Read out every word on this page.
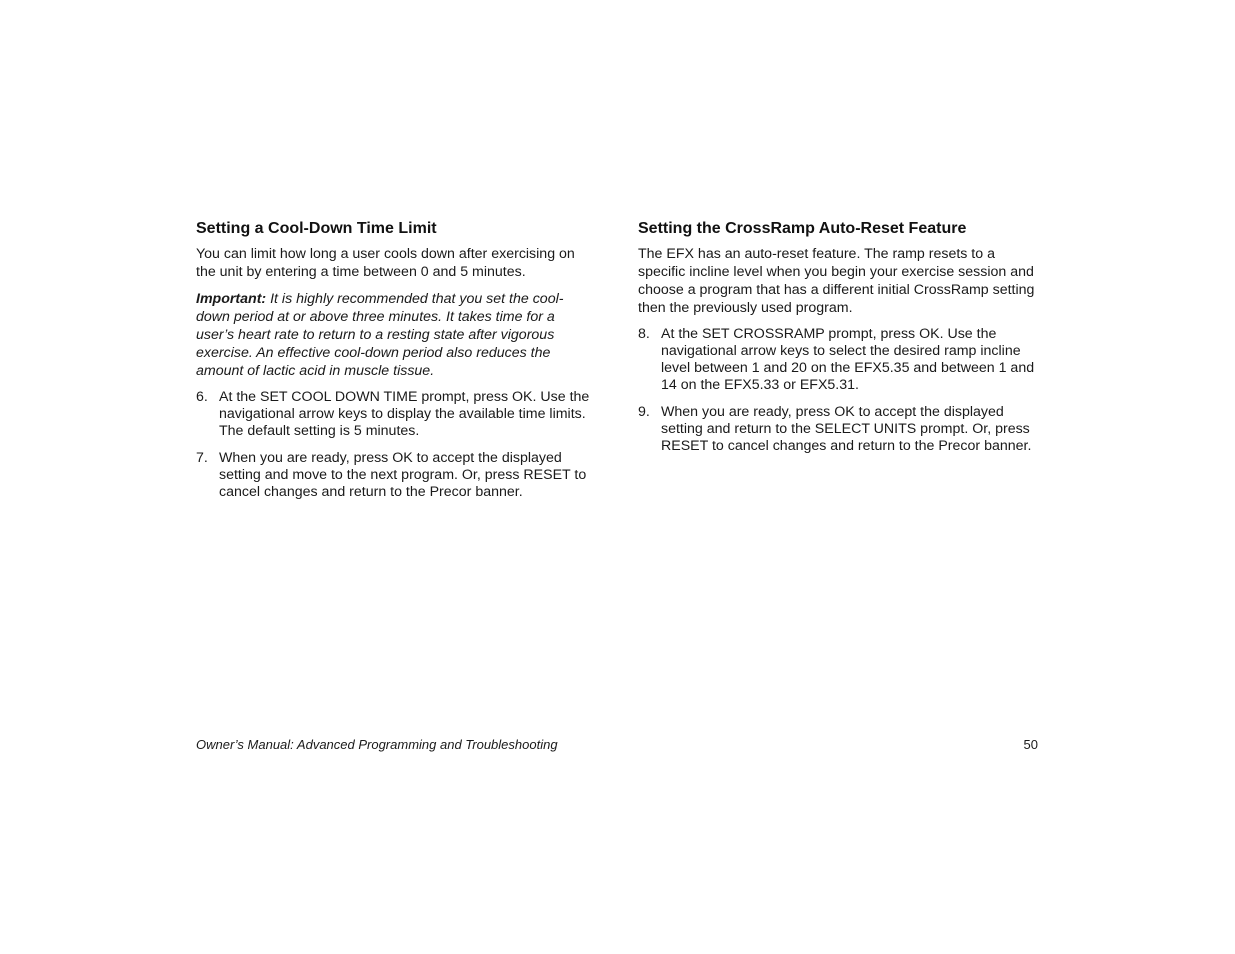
Setting a Cool-Down Time Limit

You can limit how long a user cools down after exercising on the unit by entering a time between 0 and 5 minutes.

Important: It is highly recommended that you set the cool-down period at or above three minutes. It takes time for a user’s heart rate to return to a resting state after vigorous exercise. An effective cool-down period also reduces the amount of lactic acid in muscle tissue.

6. At the SET COOL DOWN TIME prompt, press OK. Use the navigational arrow keys to display the available time limits. The default setting is 5 minutes.
7. When you are ready, press OK to accept the displayed setting and move to the next program. Or, press RESET to cancel changes and return to the Precor banner.
Setting the CrossRamp Auto-Reset Feature

The EFX has an auto-reset feature. The ramp resets to a specific incline level when you begin your exercise session and choose a program that has a different initial CrossRamp setting then the previously used program.

8. At the SET CROSSRAMP prompt, press OK. Use the navigational arrow keys to select the desired ramp incline level between 1 and 20 on the EFX5.35 and between 1 and 14 on the EFX5.33 or EFX5.31.
9. When you are ready, press OK to accept the displayed setting and return to the SELECT UNITS prompt. Or, press RESET to cancel changes and return to the Precor banner.
Owner’s Manual: Advanced Programming and Troubleshooting	50
